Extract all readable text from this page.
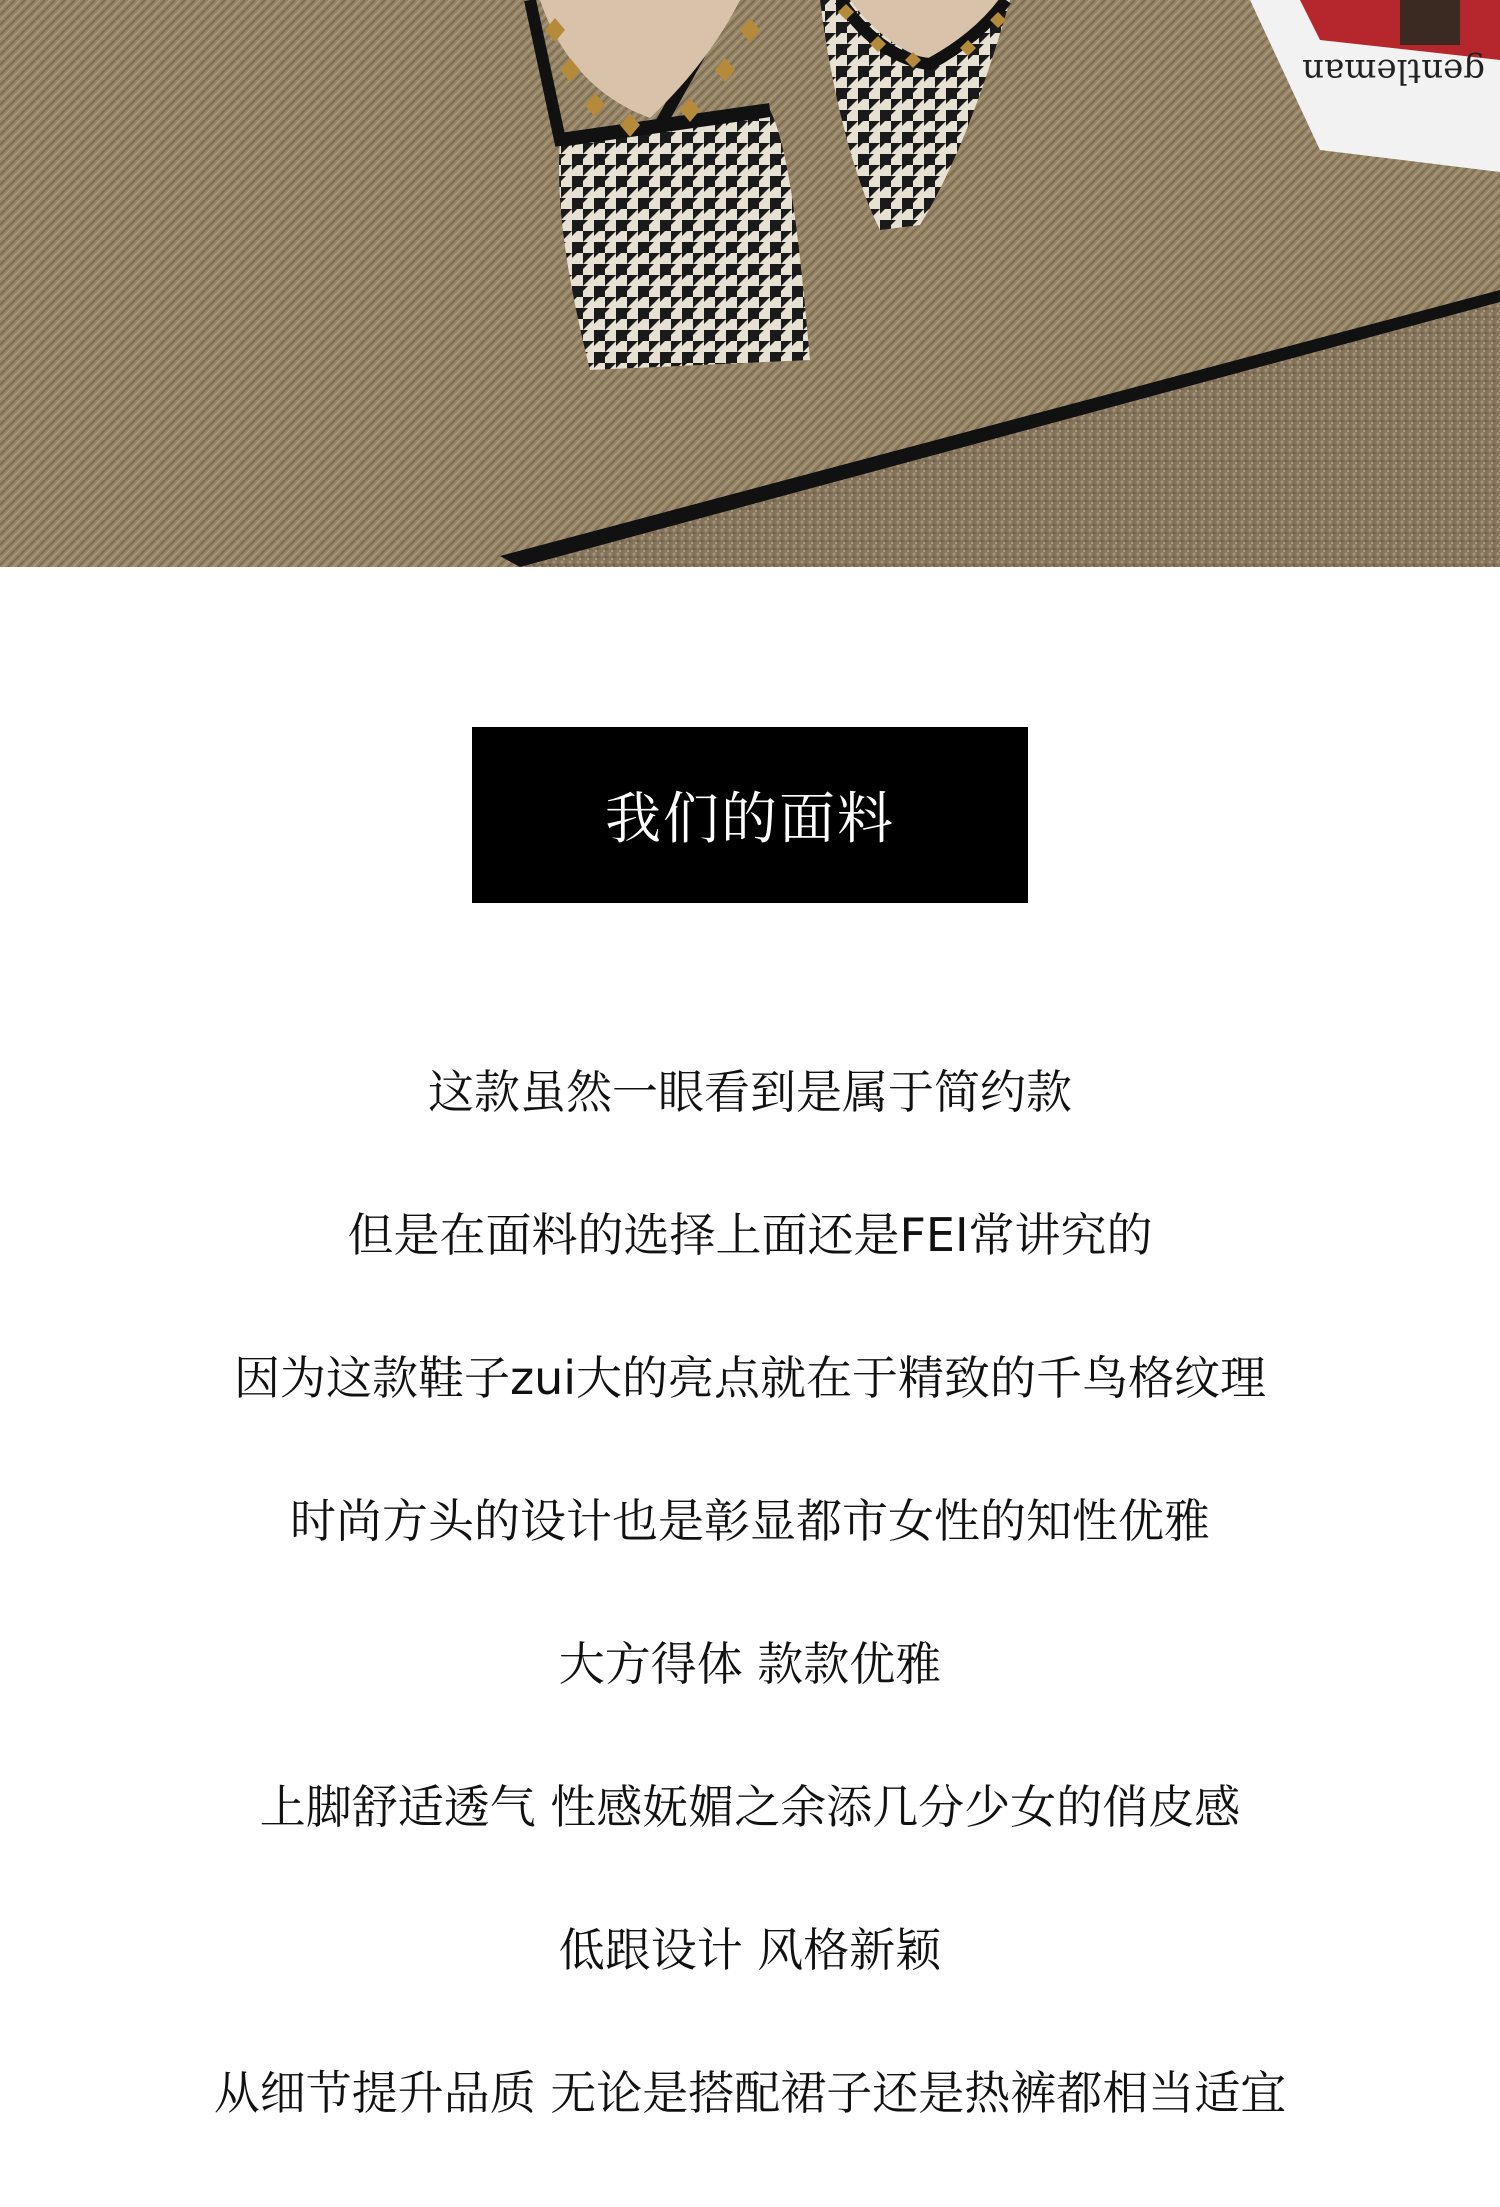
gentleman
我们的面料
这款虽然一眼看到是属于简约款
但是在面料的选择上面还是FEI常讲究的
因为这款鞋子zui大的亮点就在于精致的千鸟格纹理
时尚方头的设计也是彰显都市女性的知性优雅
大方得体 款款优雅
上脚舒适透气 性感妩媚之余添几分少女的俏皮感
低跟设计 风格新颖
从细节提升品质 无论是搭配裙子还是热裤都相当适宜
